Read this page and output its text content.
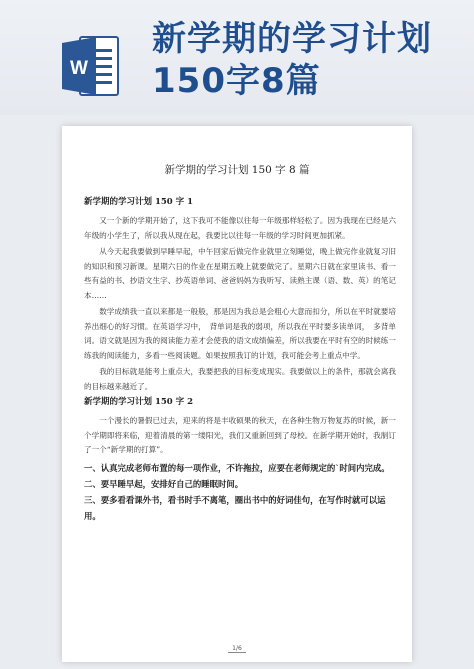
W
新学期的学习计划
150字8篇
新学期的学习计划 150 字 8 篇
新学期的学习计划 150 字 1

又一个新的学期开始了，这下我可不能像以往每一年级那样轻松了。因为我现在已经是六年级的小学生了，所以我从现在起，我要比以往每一年级的学习时间更加抓紧。

从今天起我要做到早睡早起，中午回家后做完作业就里立刻睡觉，晚上做完作业就复习旧的知识和预习新课。星期六日的作业在星期五晚上就要做完了。星期六日就在家里读书、看一些有益的书、抄语文生字、抄英语单词、爸爸妈妈为我听写、读熟主课（语、数、英）的笔记本……

数学成绩我一直以来都是一般般，那是因为我总是会粗心大意而扣分，所以在平时就要培养出细心的好习惯。在英语学习中，　背单词是我的弱项，所以我在平时要多读单词，　多背单词。语文就是因为我的阅读能力差才会使我的语文成绩偏差，所以我要在平时有空的时候练一练我的阅读能力，多看一些阅读题。如果按照我订的计划，我可能会考上重点中学。

我的目标就是能考上重点大，我要把我的目标变成现实。我要做以上的条件，那就会离我的目标越来越近了。

新学期的学习计划 150 字 2

一个漫长的暑假已过去，迎来的将是丰收硕果的秋天，在各种生物万物复苏的时候，新一个学期即将来临，迎着清晨的第一缕阳光，我们又重新回到了母校。在新学期开始时，我制订了一个“新学期的打算”。

一、认真完成老师布置的每一项作业，不许拖拉，应要在老师规定的`时间内完成。

二、要早睡早起，安排好自己的睡眠时间。

三、要多看看课外书，看书时手不离笔，圈出书中的好词佳句，在写作时就可以运用。

1/6
